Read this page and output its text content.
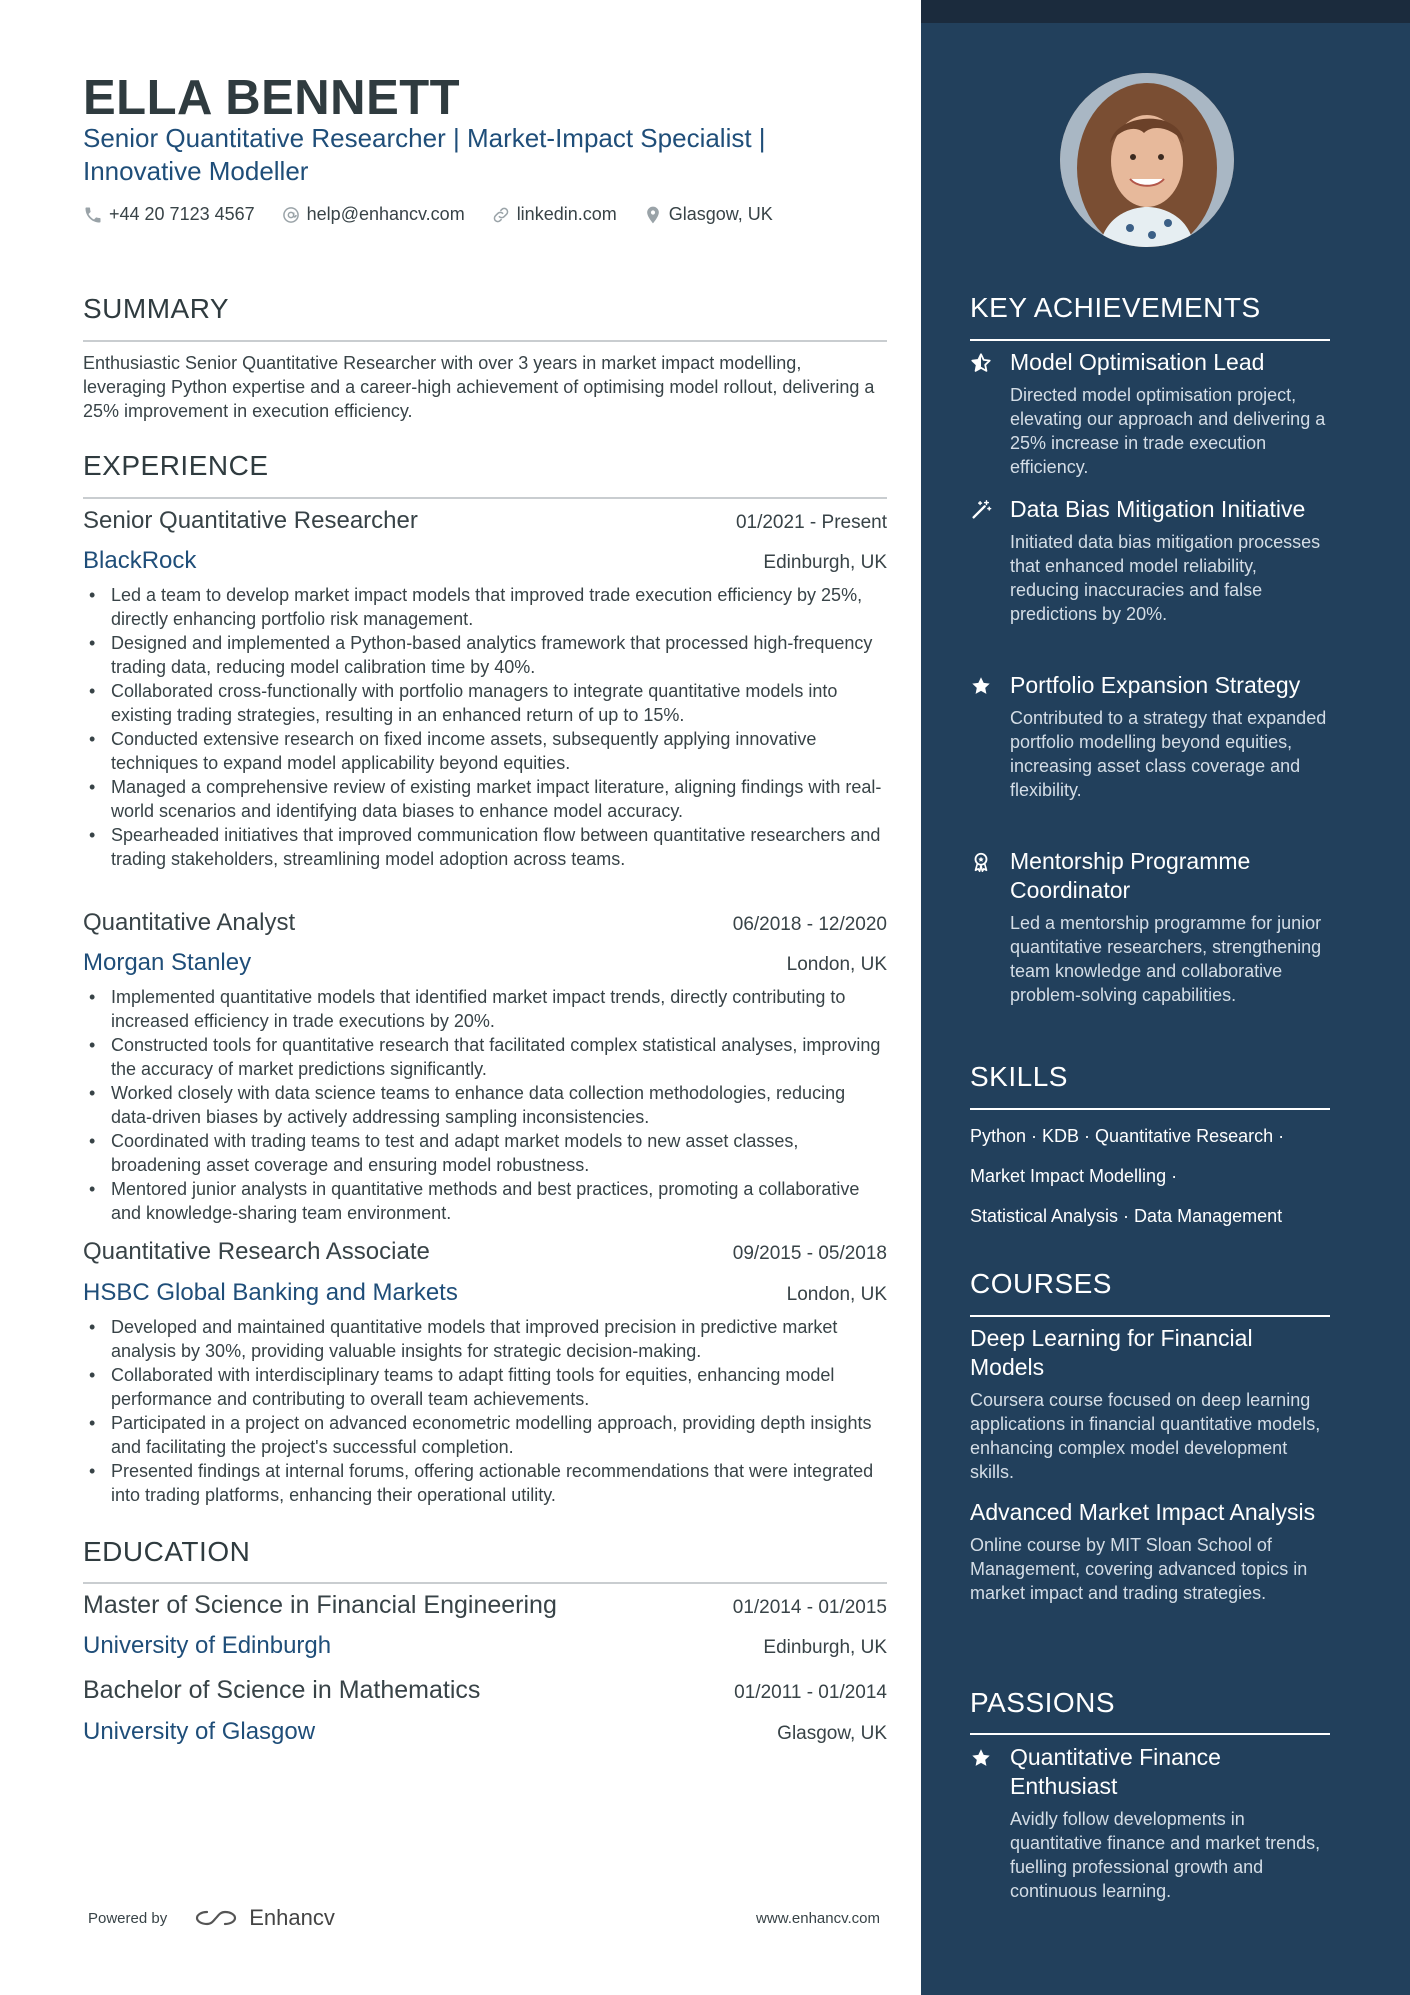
ELLA BENNETT
Senior Quantitative Researcher | Market-Impact Specialist | Innovative Modeller
+44 20 7123 4567	help@enhancv.com	linkedin.com	Glasgow, UK
SUMMARY
Enthusiastic Senior Quantitative Researcher with over 3 years in market impact modelling, leveraging Python expertise and a career-high achievement of optimising model rollout, delivering a 25% improvement in execution efficiency.
EXPERIENCE
Senior Quantitative Researcher	01/2021 - Present
BlackRock	Edinburgh, UK
• Led a team to develop market impact models that improved trade execution efficiency by 25%, directly enhancing portfolio risk management.
• Designed and implemented a Python-based analytics framework that processed high-frequency trading data, reducing model calibration time by 40%.
• Collaborated cross-functionally with portfolio managers to integrate quantitative models into existing trading strategies, resulting in an enhanced return of up to 15%.
• Conducted extensive research on fixed income assets, subsequently applying innovative techniques to expand model applicability beyond equities.
• Managed a comprehensive review of existing market impact literature, aligning findings with real-world scenarios and identifying data biases to enhance model accuracy.
• Spearheaded initiatives that improved communication flow between quantitative researchers and trading stakeholders, streamlining model adoption across teams.
Quantitative Analyst	06/2018 - 12/2020
Morgan Stanley	London, UK
• Implemented quantitative models that identified market impact trends, directly contributing to increased efficiency in trade executions by 20%.
• Constructed tools for quantitative research that facilitated complex statistical analyses, improving the accuracy of market predictions significantly.
• Worked closely with data science teams to enhance data collection methodologies, reducing data-driven biases by actively addressing sampling inconsistencies.
• Coordinated with trading teams to test and adapt market models to new asset classes, broadening asset coverage and ensuring model robustness.
• Mentored junior analysts in quantitative methods and best practices, promoting a collaborative and knowledge-sharing team environment.
Quantitative Research Associate	09/2015 - 05/2018
HSBC Global Banking and Markets	London, UK
• Developed and maintained quantitative models that improved precision in predictive market analysis by 30%, providing valuable insights for strategic decision-making.
• Collaborated with interdisciplinary teams to adapt fitting tools for equities, enhancing model performance and contributing to overall team achievements.
• Participated in a project on advanced econometric modelling approach, providing depth insights and facilitating the project's successful completion.
• Presented findings at internal forums, offering actionable recommendations that were integrated into trading platforms, enhancing their operational utility.
EDUCATION
Master of Science in Financial Engineering	01/2014 - 01/2015
University of Edinburgh	Edinburgh, UK
Bachelor of Science in Mathematics	01/2011 - 01/2014
University of Glasgow	Glasgow, UK
Powered by	Enhancv	www.enhancv.com
KEY ACHIEVEMENTS
Model Optimisation Lead
Directed model optimisation project, elevating our approach and delivering a 25% increase in trade execution efficiency.
Data Bias Mitigation Initiative
Initiated data bias mitigation processes that enhanced model reliability, reducing inaccuracies and false predictions by 20%.
Portfolio Expansion Strategy
Contributed to a strategy that expanded portfolio modelling beyond equities, increasing asset class coverage and flexibility.
Mentorship Programme Coordinator
Led a mentorship programme for junior quantitative researchers, strengthening team knowledge and collaborative problem-solving capabilities.
SKILLS
Python · KDB · Quantitative Research ·
Market Impact Modelling ·
Statistical Analysis · Data Management
COURSES
Deep Learning for Financial Models
Coursera course focused on deep learning applications in financial quantitative models, enhancing complex model development skills.
Advanced Market Impact Analysis
Online course by MIT Sloan School of Management, covering advanced topics in market impact and trading strategies.
PASSIONS
Quantitative Finance Enthusiast
Avidly follow developments in quantitative finance and market trends, fuelling professional growth and continuous learning.
